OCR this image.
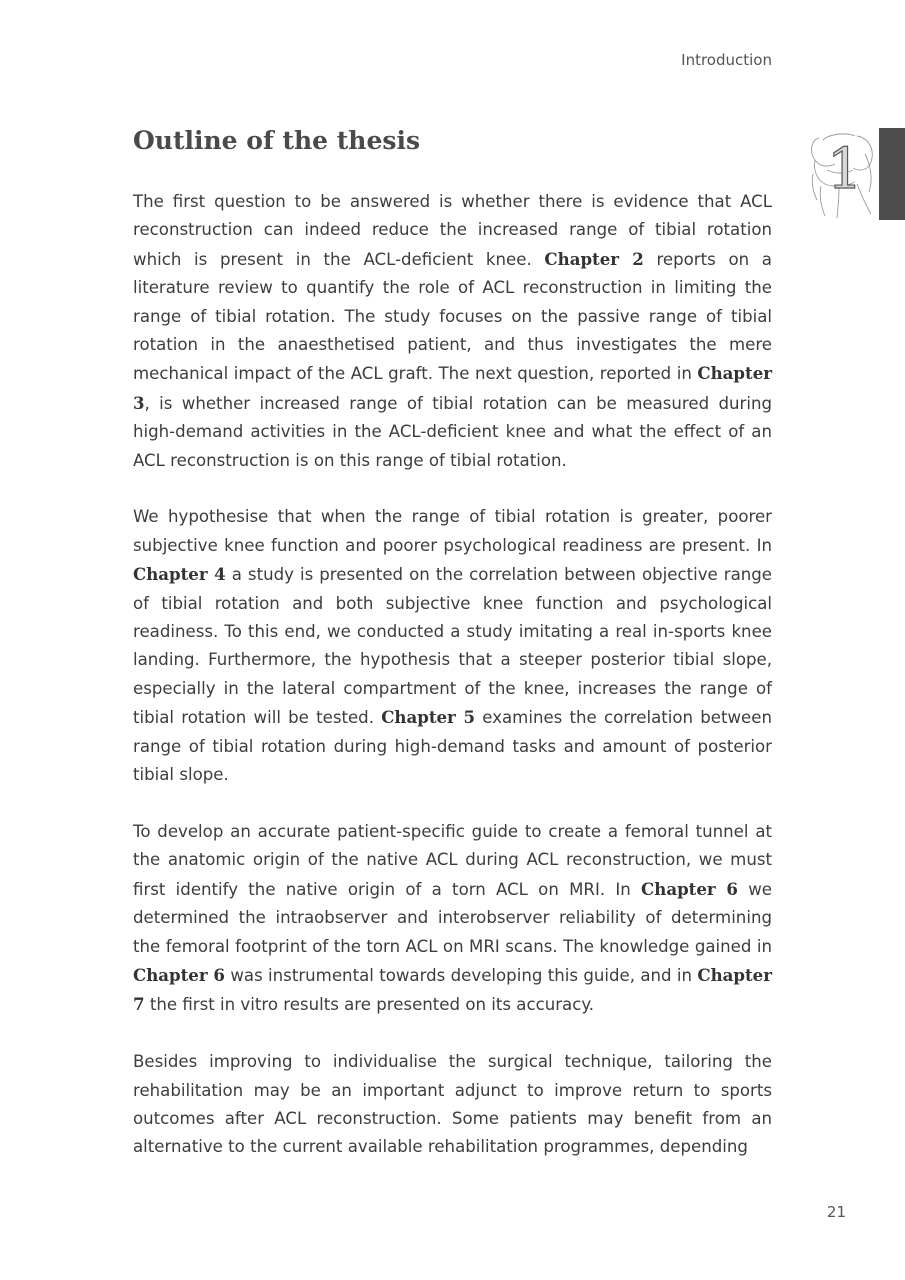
Introduction
Outline of the thesis	1

The first question to be answered is whether there is evidence that ACL reconstruction can indeed reduce the increased range of tibial rotation which is present in the ACL-deficient knee. Chapter 2 reports on a literature review to quantify the role of ACL reconstruction in limiting the range of tibial rotation. The study focuses on the passive range of tibial rotation in the anaesthetised patient, and thus investigates the mere mechanical impact of the ACL graft. The next question, reported in Chapter 3, is whether increased range of tibial rotation can be measured during high-demand activities in the ACL-deficient knee and what the effect of an ACL reconstruction is on this range of tibial rotation.

We hypothesise that when the range of tibial rotation is greater, poorer subjective knee function and poorer psychological readiness are present. In Chapter 4 a study is presented on the correlation between objective range of tibial rotation and both subjective knee function and psychological readiness. To this end, we conducted a study imitating a real in-sports knee landing. Furthermore, the hypothesis that a steeper posterior tibial slope, especially in the lateral compartment of the knee, increases the range of tibial rotation will be tested. Chapter 5 examines the correlation between range of tibial rotation during high-demand tasks and amount of posterior tibial slope.

To develop an accurate patient-specific guide to create a femoral tunnel at the anatomic origin of the native ACL during ACL reconstruction, we must first identify the native origin of a torn ACL on MRI. In Chapter 6 we determined the intraobserver and interobserver reliability of determining the femoral footprint of the torn ACL on MRI scans. The knowledge gained in Chapter 6 was instrumental towards developing this guide, and in Chapter 7 the first in vitro results are presented on its accuracy.

Besides improving to individualise the surgical technique, tailoring the rehabilitation may be an important adjunct to improve return to sports outcomes after ACL reconstruction. Some patients may benefit from an alternative to the current available rehabilitation programmes, depending

21
